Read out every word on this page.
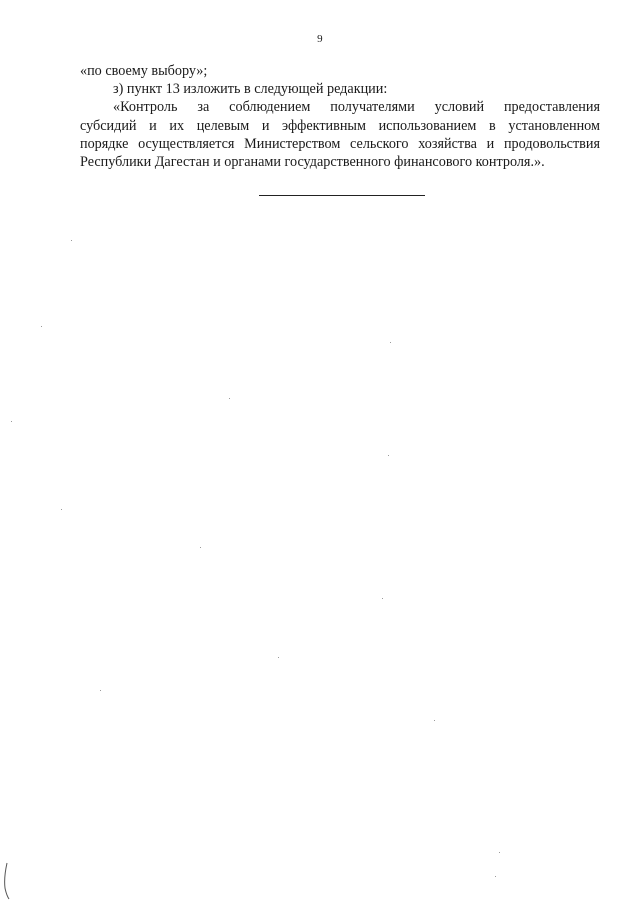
9
«по своему выбору»;
з) пункт 13 изложить в следующей редакции:
«Контроль за соблюдением получателями условий предоставления
субсидий и их целевым и эффективным использованием в установленном
порядке осуществляется Министерством сельского хозяйства и продовольствия
Республики Дагестан и органами государственного финансового контроля.».
